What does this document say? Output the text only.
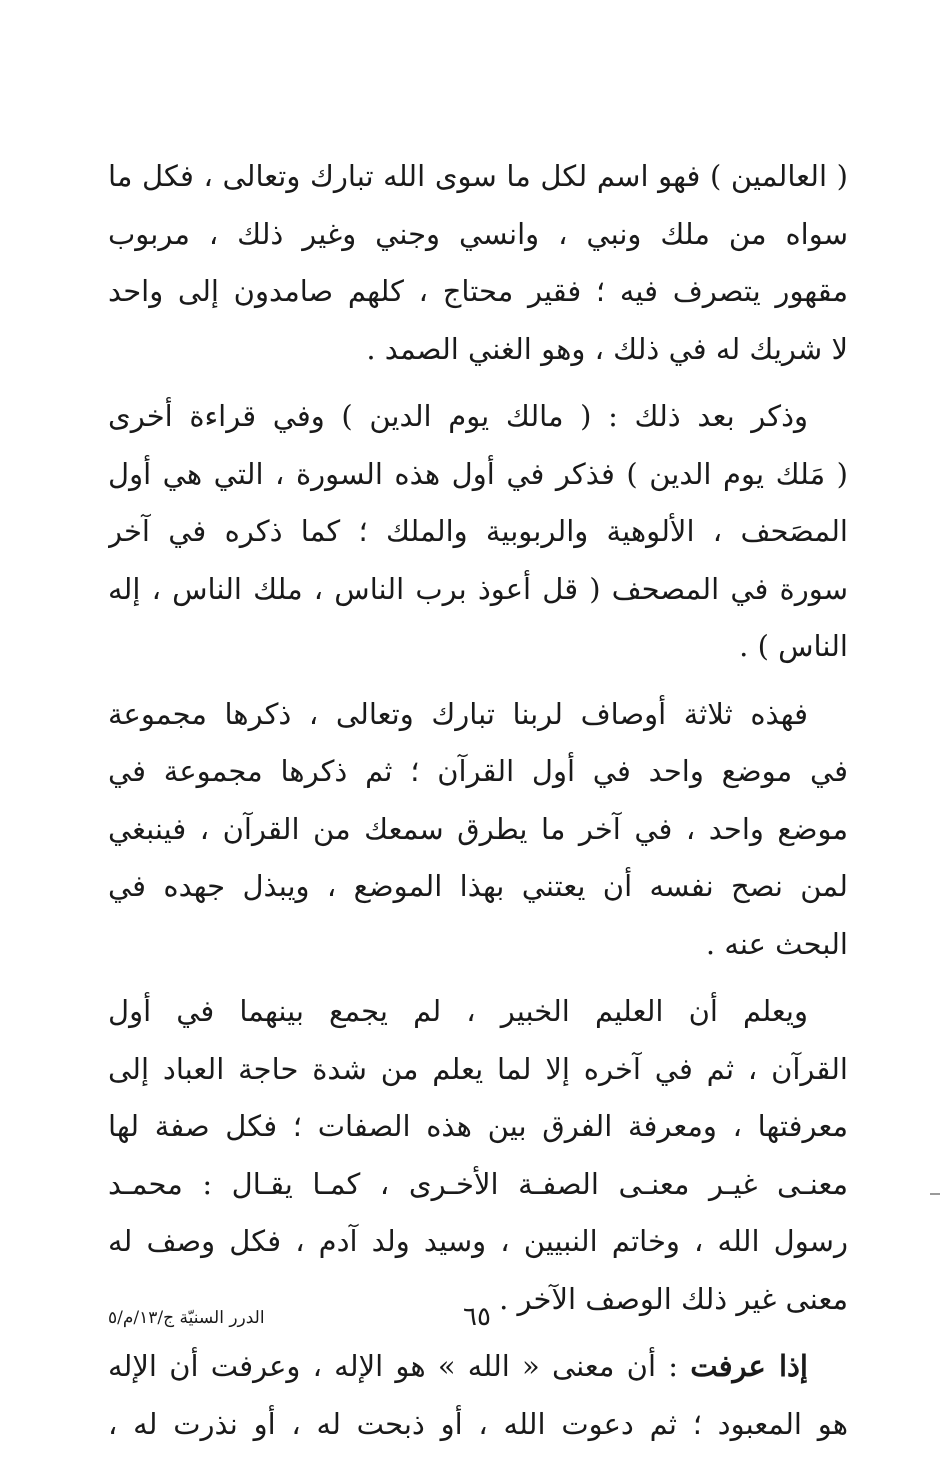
( العالمين ) فهو اسم لكل ما سوى الله تبارك وتعالى ، فكل ما
سواه من ملك ونبي ، وانسي وجني وغير ذلك ، مربوب
مقهور يتصرف فيه ؛ فقير محتاج ، كلهم صامدون إلى واحد
لا شريك له في ذلك ، وهو الغني الصمد .
وذكر بعد ذلك : ( مالك يوم الدين ) وفي قراءة أخرى
( مَلك يوم الدين ) فذكر في أول هذه السورة ، التي هي أول
المصَحف ، الألوهية والربوبية والملك ؛ كما ذكره في آخر
سورة في المصحف ( قل أعوذ برب الناس ، ملك الناس ، إله
الناس ) .
فهذه ثلاثة أوصاف لربنا تبارك وتعالى ، ذكرها مجموعة
في موضع واحد في أول القرآن ؛ ثم ذكرها مجموعة في
موضع واحد ، في آخر ما يطرق سمعك من القرآن ، فينبغي
لمن نصح نفسه أن يعتني بهذا الموضع ، ويبذل جهده في
البحث عنه .
ويعلم أن العليم الخبير ، لم يجمع بينهما في أول
القرآن ، ثم في آخره إلا لما يعلم من شدة حاجة العباد إلى
معرفتها ، ومعرفة الفرق بين هذه الصفات ؛ فكل صفة لها
معنـى غيـر معنـى الصفـة الأخـرى ، كمـا يقـال : محمـد
رسول الله ، وخاتم النبيين ، وسيد ولد آدم ، فكل وصف له
معنى غير ذلك الوصف الآخر .
إذا عرفت : أن معنى « الله » هو الإله ، وعرفت أن الإله
هو المعبود ؛ ثم دعوت الله ، أو ذبحت له ، أو نذرت له ،
٦٥
الدرر السنيّة ج/١٣/م/٥
